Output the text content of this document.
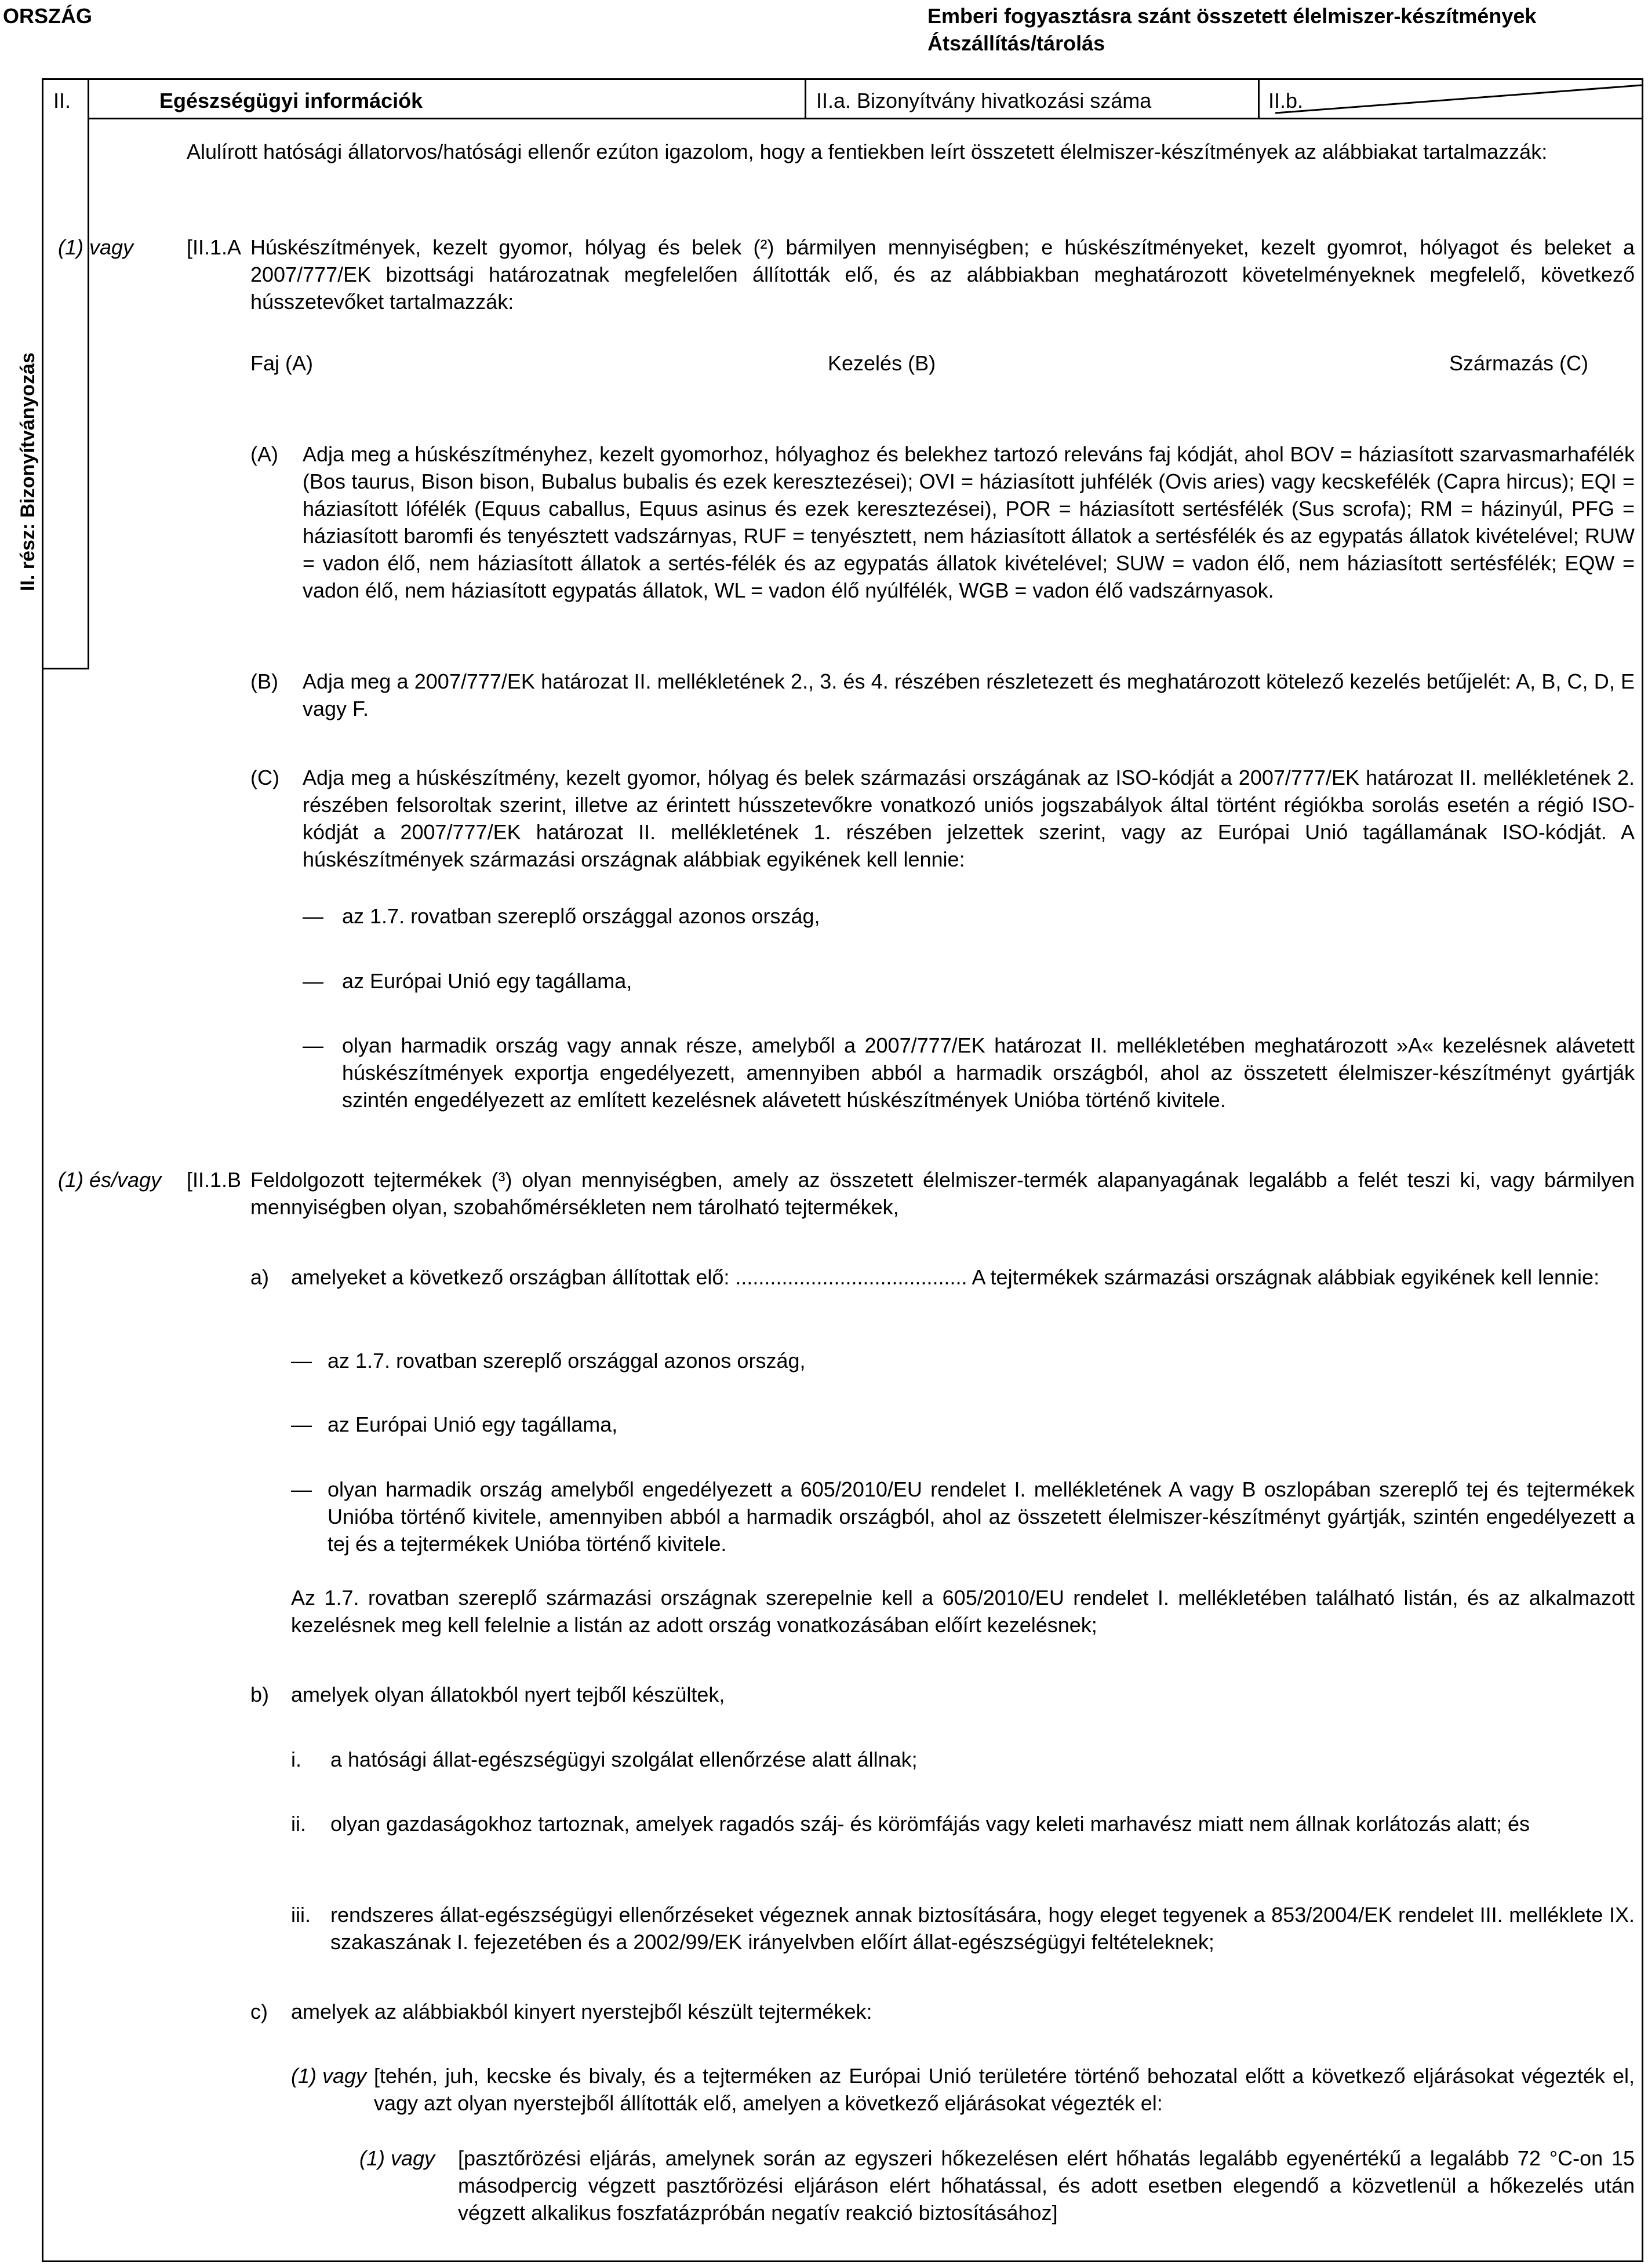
ORSZÁG	Emberi fogyasztásra szánt összetett élelmiszer-készítmények
Átszállítás/tárolás
II. rész: Bizonyítványozás
II.	Egészségügyi információk	II.a. Bizonyítvány hivatkozási száma	II.b.
Alulírott hatósági állatorvos/hatósági ellenőr ezúton igazolom, hogy a fentiekben leírt összetett élelmiszer-készítmények az alábbiakat tartalmazzák:
(1) vagy	[II.1.A Húskészítmények, kezelt gyomor, hólyag és belek (²) bármilyen mennyiségben; e húskészítményeket, kezelt gyomrot, hólyagot és beleket a 2007/777/EK bizottsági határozatnak megfelelően állították elő, és az alábbiakban meghatározott követelményeknek megfelelő, következő hússzetevőket tartalmazzák:
Faj (A)	Kezelés (B)	Származás (C)
(A) Adja meg a húskészítményhez, kezelt gyomorhoz, hólyaghoz és belekhez tartozó releváns faj kódját, ahol BOV = háziasított szarvasmarhafélék (Bos taurus, Bison bison, Bubalus bubalis és ezek keresztezései); OVI = háziasított juhfélék (Ovis aries) vagy kecskefélék (Capra hircus); EQI = háziasított lófélék (Equus caballus, Equus asinus és ezek keresztezései), POR = háziasított sertésfélék (Sus scrofa); RM = házinyúl, PFG = háziasított baromfi és tenyésztett vadszárnyas, RUF = tenyésztett, nem háziasított állatok a sertésfélék és az egypatás állatok kivételével; RUW = vadon élő, nem háziasított állatok a sertés-félék és az egypatás állatok kivételével; SUW = vadon élő, nem háziasított sertésfélék; EQW = vadon élő, nem háziasított egypatás állatok, WL = vadon élő nyúlfélék, WGB = vadon élő vadszárnyasok.
(B) Adja meg a 2007/777/EK határozat II. mellékletének 2., 3. és 4. részében részletezett és meghatározott kötelező kezelés betűjelét: A, B, C, D, E vagy F.
(C) Adja meg a húskészítmény, kezelt gyomor, hólyag és belek származási országának az ISO-kódját a 2007/777/EK határozat II. mellékletének 2. részében felsoroltak szerint, illetve az érintett hússzetevőkre vonatkozó uniós jogszabályok által történt régiókba sorolás esetén a régió ISO-kódját a 2007/777/EK határozat II. mellékletének 1. részében jelzettek szerint, vagy az Európai Unió tagállamának ISO-kódját. A húskészítmények származási országnak alábbiak egyikének kell lennie:
— az 1.7. rovatban szereplő országgal azonos ország,
— az Európai Unió egy tagállama,
— olyan harmadik ország vagy annak része, amelyből a 2007/777/EK határozat II. mellékletében meghatározott »A« kezelésnek alávetett húskészítmények exportja engedélyezett, amennyiben abból a harmadik országból, ahol az összetett élelmiszer-készítményt gyártják szintén engedélyezett az említett kezelésnek alávetett húskészítmények Unióba történő kivitele.
(1) és/vagy [II.1.B Feldolgozott tejtermékek (³) olyan mennyiségben, amely az összetett élelmiszer-termék alapanyagának legalább a felét teszi ki, vagy bármilyen mennyiségben olyan, szobahőmérsékleten nem tárolható tejtermékek,
a) amelyeket a következő országban állítottak elő: ........................................ A tejtermékek származási országnak alábbiak egyikének kell lennie:
— az 1.7. rovatban szereplő országgal azonos ország,
— az Európai Unió egy tagállama,
— olyan harmadik ország amelyből engedélyezett a 605/2010/EU rendelet I. mellékletének A vagy B oszlopában szereplő tej és tejtermékek Unióba történő kivitele, amennyiben abból a harmadik országból, ahol az összetett élelmiszer-készítményt gyártják, szintén engedélyezett a tej és a tejtermékek Unióba történő kivitele.
Az 1.7. rovatban szereplő származási országnak szerepelnie kell a 605/2010/EU rendelet I. mellékletében található listán, és az alkalmazott kezelésnek meg kell felelnie a listán az adott ország vonatkozásában előírt kezelésnek;
b) amelyek olyan állatokból nyert tejből készültek,
i. a hatósági állat-egészségügyi szolgálat ellenőrzése alatt állnak;
ii. olyan gazdaságokhoz tartoznak, amelyek ragadós száj- és körömfájás vagy keleti marhavész miatt nem állnak korlátozás alatt; és
iii. rendszeres állat-egészségügyi ellenőrzéseket végeznek annak biztosítására, hogy eleget tegyenek a 853/2004/EK rendelet III. melléklete IX. szakaszának I. fejezetében és a 2002/99/EK irányelvben előírt állat-egészségügyi feltételeknek;
c) amelyek az alábbiakból kinyert nyerstejből készült tejtermékek:
(1) vagy [tehén, juh, kecske és bivaly, és a tejterméken az Európai Unió területére történő behozatal előtt a következő eljárásokat végezték el, vagy azt olyan nyerstejből állították elő, amelyen a következő eljárásokat végezték el:
(1) vagy [pasztőrözési eljárás, amelynek során az egyszeri hőkezelésen elért hőhatás legalább egyenértékű a legalább 72 °C-on 15 másodpercig végzett pasztőrözési eljáráson elért hőhatással, és adott esetben elegendő a közvetlenül a hőkezelés után végzett alkalikus foszfatázpróbán negatív reakció biztosításához]
